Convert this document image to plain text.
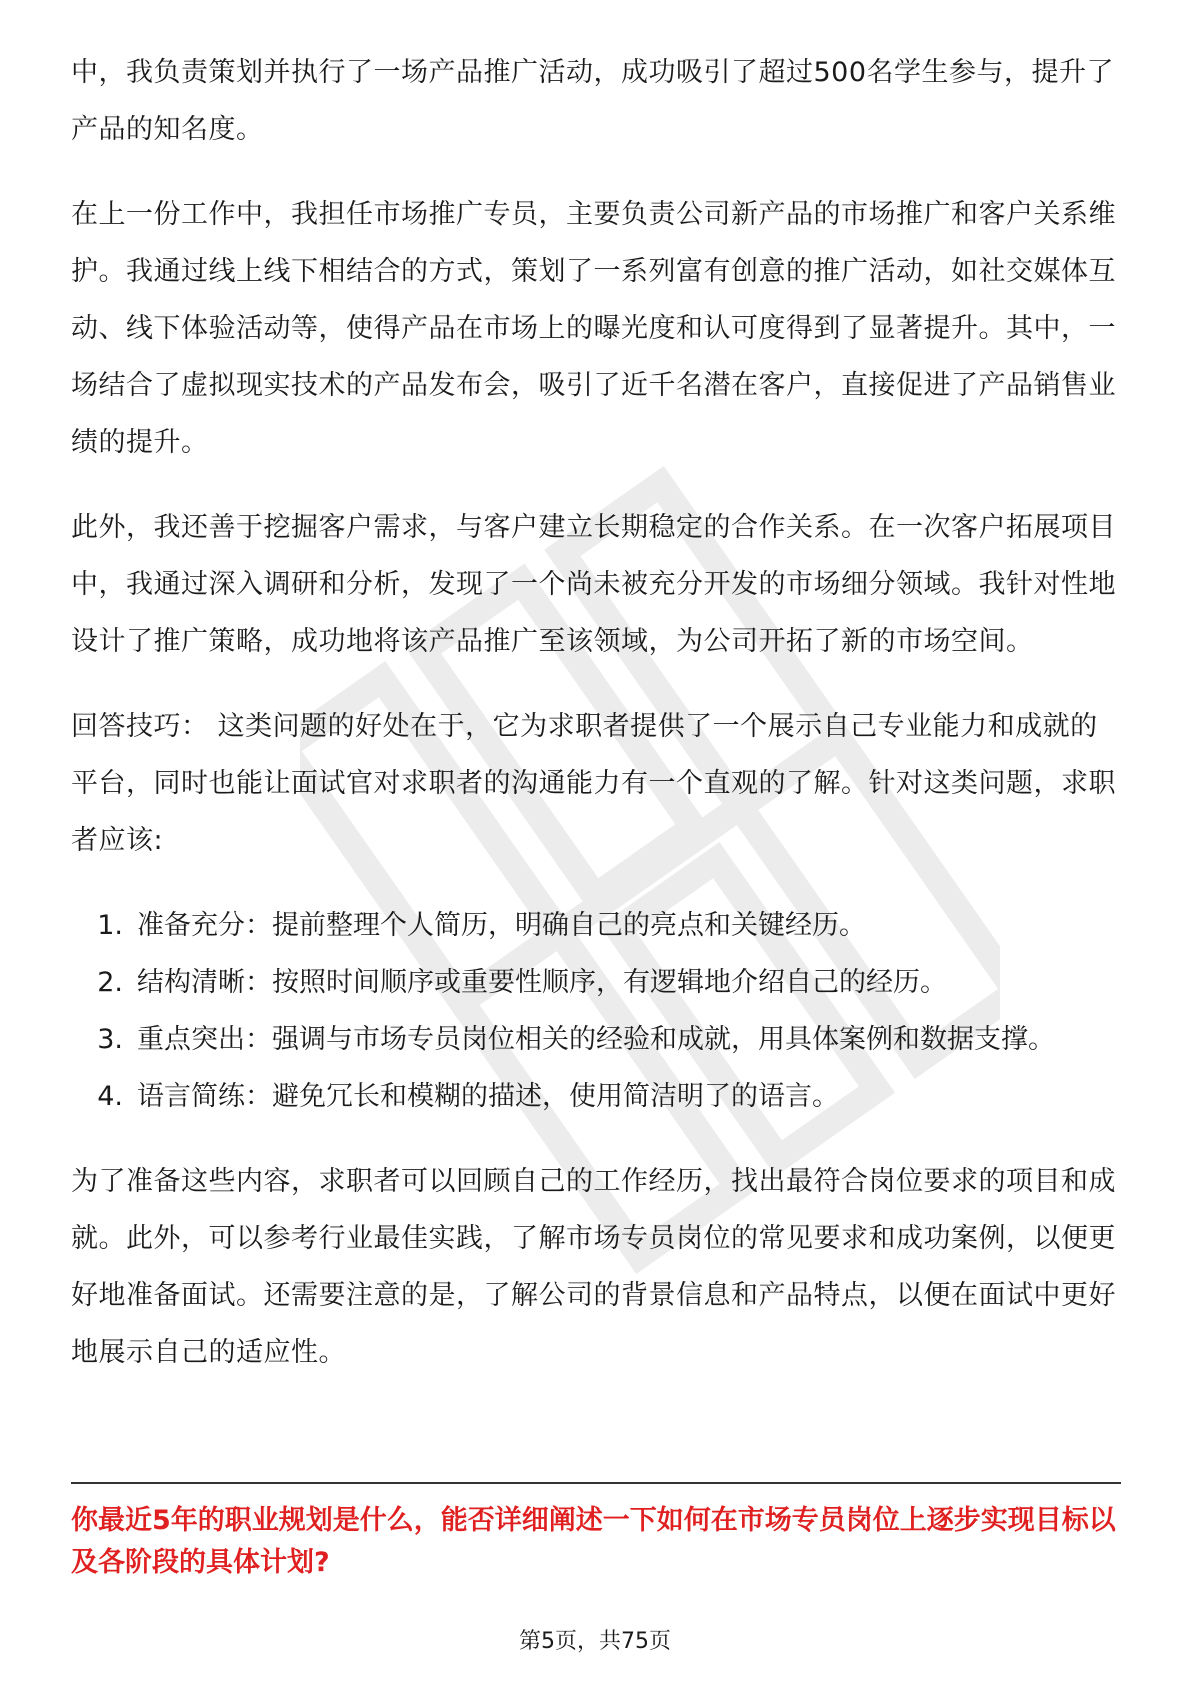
中，我负责策划并执行了一场产品推广活动，成功吸引了超过500名学生参与，提升了产品的知名度。

在上一份工作中，我担任市场推广专员，主要负责公司新产品的市场推广和客户关系维护。我通过线上线下相结合的方式，策划了一系列富有创意的推广活动，如社交媒体互动、线下体验活动等，使得产品在市场上的曝光度和认可度得到了显著提升。其中，一场结合了虚拟现实技术的产品发布会，吸引了近千名潜在客户，直接促进了产品销售业绩的提升。

此外，我还善于挖掘客户需求，与客户建立长期稳定的合作关系。在一次客户拓展项目中，我通过深入调研和分析，发现了一个尚未被充分开发的市场细分领域。我针对性地设计了推广策略，成功地将该产品推广至该领域，为公司开拓了新的市场空间。

回答技巧： 这类问题的好处在于，它为求职者提供了一个展示自己专业能力和成就的平台，同时也能让面试官对求职者的沟通能力有一个直观的了解。针对这类问题，求职者应该:

1. 准备充分：提前整理个人简历，明确自己的亮点和关键经历。
2. 结构清晰：按照时间顺序或重要性顺序，有逻辑地介绍自己的经历。
3. 重点突出：强调与市场专员岗位相关的经验和成就，用具体案例和数据支撑。
4. 语言简练：避免冗长和模糊的描述，使用简洁明了的语言。

为了准备这些内容，求职者可以回顾自己的工作经历，找出最符合岗位要求的项目和成就。此外，可以参考行业最佳实践，了解市场专员岗位的常见要求和成功案例，以便更好地准备面试。还需要注意的是，了解公司的背景信息和产品特点，以便在面试中更好地展示自己的适应性。

你最近5年的职业规划是什么，能否详细阐述一下如何在市场专员岗位上逐步实现目标以及各阶段的具体计划?

第5页，共75页
